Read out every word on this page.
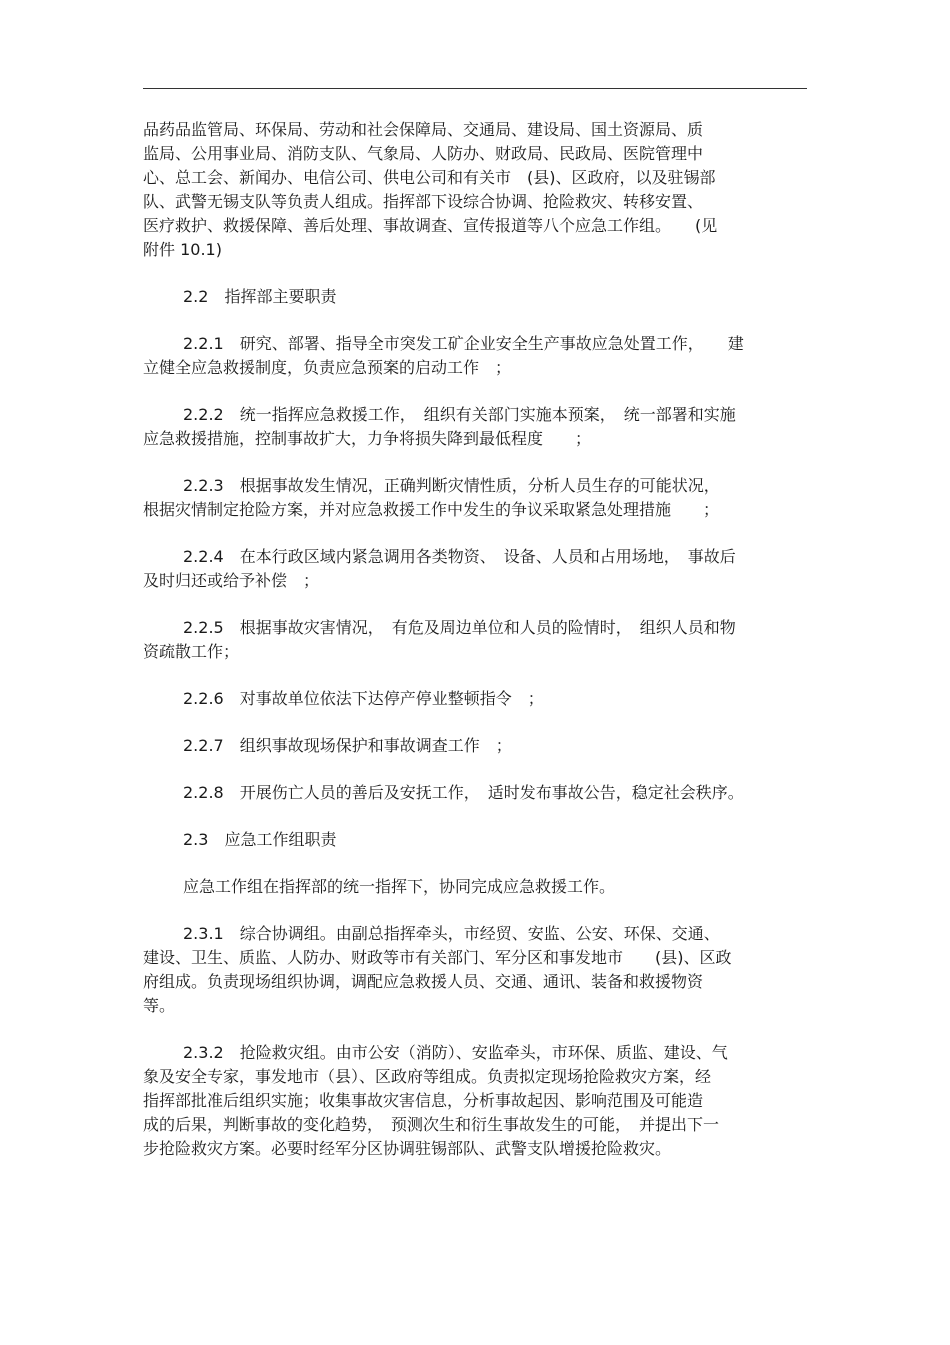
品药品监管局、环保局、劳动和社会保障局、交通局、建设局、国土资源局、质
监局、公用事业局、消防支队、气象局、人防办、财政局、民政局、医院管理中
心、总工会、新闻办、电信公司、供电公司和有关市　(县)、区政府，以及驻锡部
队、武警无锡支队等负责人组成。指挥部下设综合协调、抢险救灾、转移安置、
医疗救护、救援保障、善后处理、事故调查、宣传报道等八个应急工作组。　　(见
附件 10.1)
2.2　指挥部主要职责
2.2.1　研究、部署、指导全市突发工矿企业安全生产事故应急处置工作，　　建
立健全应急救援制度，负责应急预案的启动工作　；
2.2.2　统一指挥应急救援工作，　组织有关部门实施本预案，　统一部署和实施
应急救援措施，控制事故扩大，力争将损失降到最低程度　　；
2.2.3　根据事故发生情况，正确判断灾情性质，分析人员生存的可能状况，
根据灾情制定抢险方案，并对应急救援工作中发生的争议采取紧急处理措施　　；
2.2.4　在本行政区域内紧急调用各类物资、　设备、人员和占用场地，　事故后
及时归还或给予补偿　；
2.2.5　根据事故灾害情况，　有危及周边单位和人员的险情时，　组织人员和物
资疏散工作；
2.2.6　对事故单位依法下达停产停业整顿指令　；
2.2.7　组织事故现场保护和事故调查工作　；
2.2.8　开展伤亡人员的善后及安抚工作，　适时发布事故公告，稳定社会秩序。
2.3　应急工作组职责
应急工作组在指挥部的统一指挥下，协同完成应急救援工作。
2.3.1　综合协调组。由副总指挥牵头，市经贸、安监、公安、环保、交通、
建设、卫生、质监、人防办、财政等市有关部门、军分区和事发地市　　(县)、区政
府组成。负责现场组织协调，调配应急救援人员、交通、通讯、装备和救援物资
等。
2.3.2　抢险救灾组。由市公安（消防）、安监牵头，市环保、质监、建设、气
象及安全专家，事发地市（县）、区政府等组成。负责拟定现场抢险救灾方案，经
指挥部批准后组织实施；收集事故灾害信息，分析事故起因、影响范围及可能造
成的后果，判断事故的变化趋势，　预测次生和衍生事故发生的可能，　并提出下一
步抢险救灾方案。必要时经军分区协调驻锡部队、武警支队增援抢险救灾。
